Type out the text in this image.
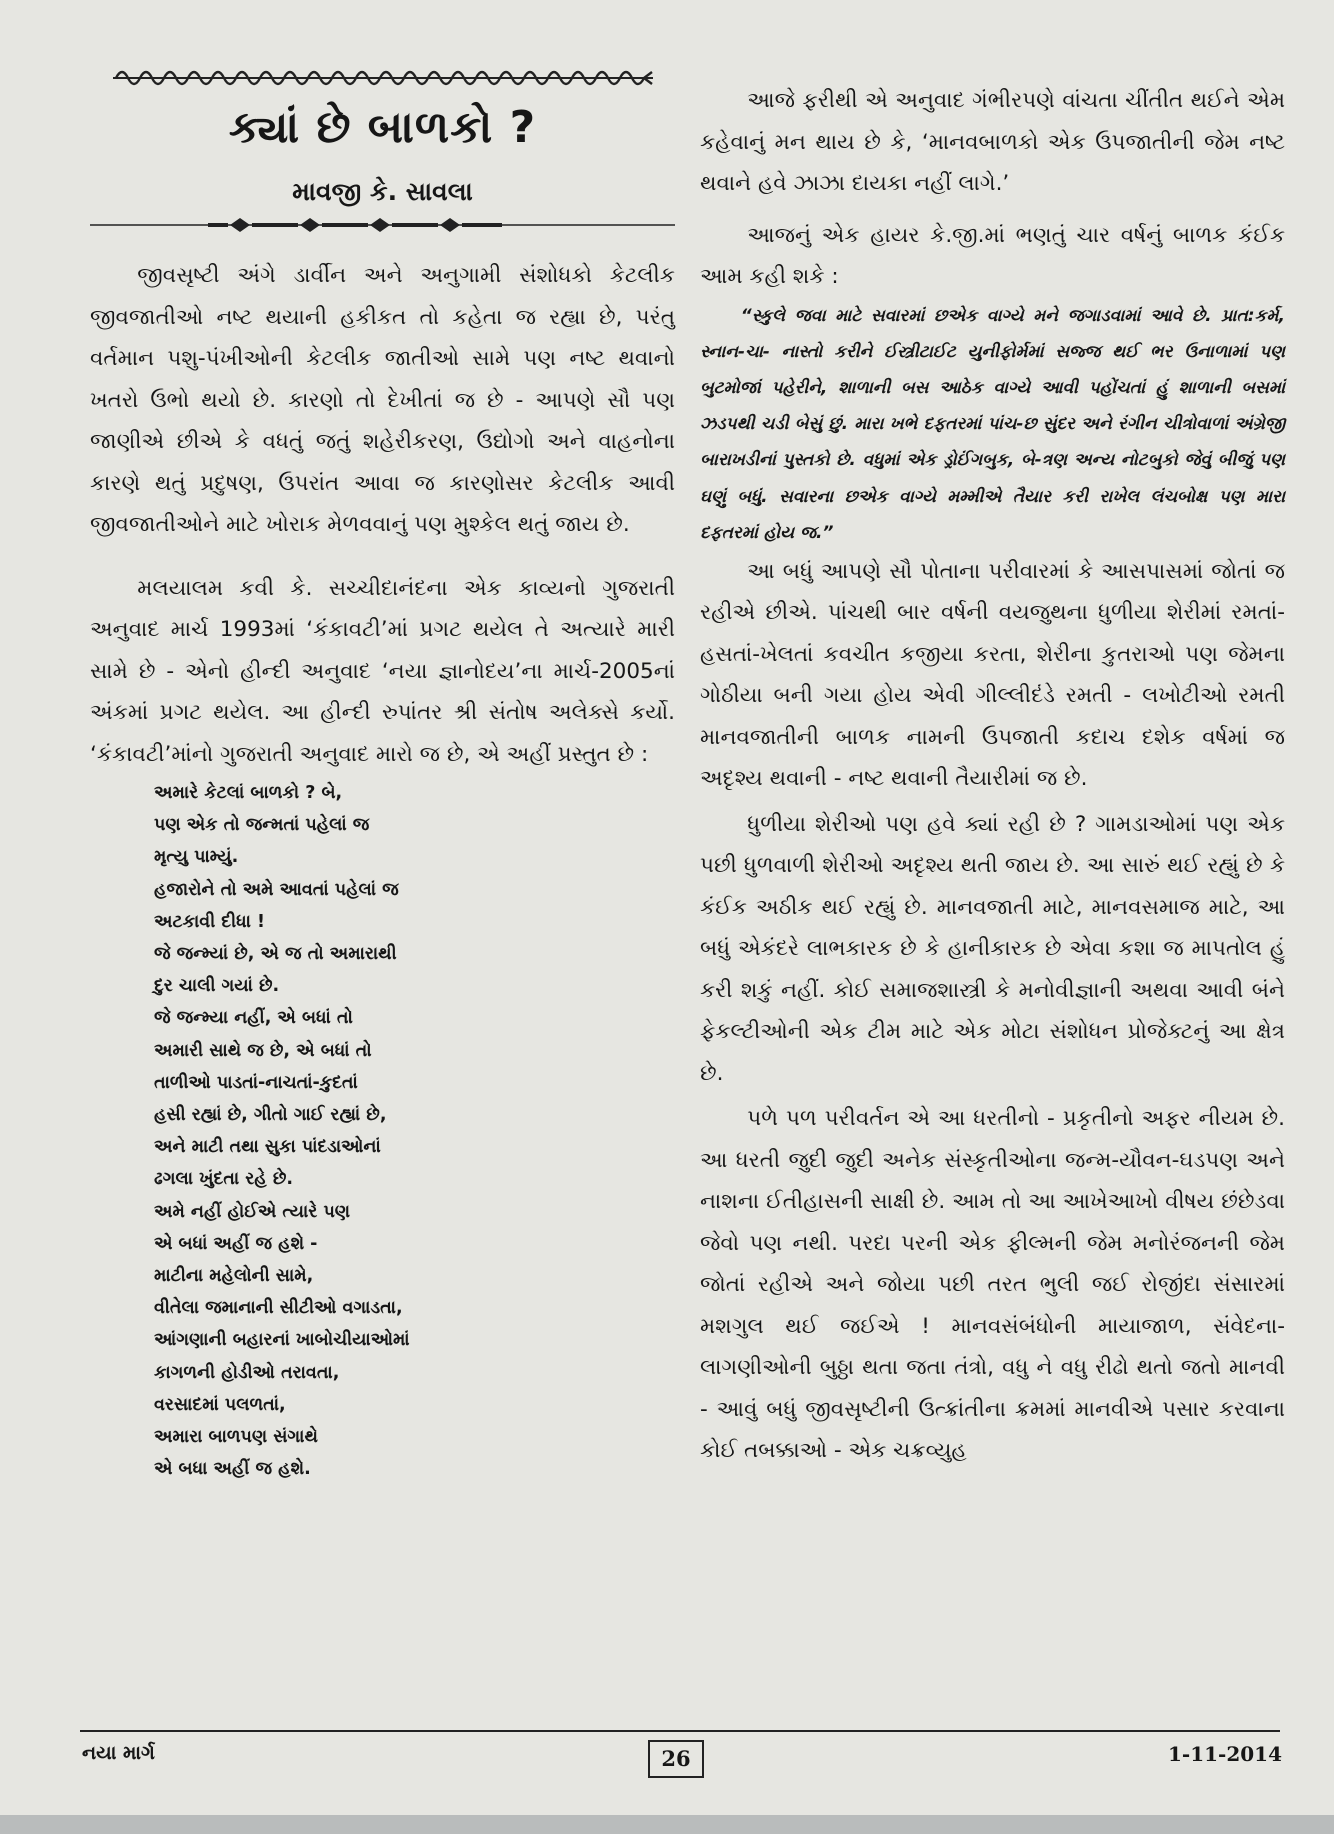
ક્યાં છે બાળકો ?
માવજી કે. સાવલા

જીવસૃષ્ટી અંગે ડાર્વીન અને અનુગામી સંશોધકો કેટલીક જીવજાતીઓ નષ્ટ થયાની હકીકત તો કહેતા જ રહ્યા છે, પરંતુ વર્તમાન પશુ-પંખીઓની કેટલીક જાતીઓ સામે પણ નષ્ટ થવાનો ખતરો ઉભો થયો છે. કારણો તો દેખીતાં જ છે - આપણે સૌ પણ જાણીએ છીએ કે વધતું જતું શહેરીકરણ, ઉદ્યોગો અને વાહનોના કારણે થતું પ્રદુષણ, ઉપરાંત આવા જ કારણોસર કેટલીક આવી જીવજાતીઓને માટે ખોરાક મેળવવાનું પણ મુશ્કેલ થતું જાય છે.

મલયાલમ કવી કે. સચ્ચીદાનંદના એક કાવ્યનો ગુજરાતી અનુવાદ માર્ચ 1993માં ‘કંકાવટી’માં પ્રગટ થયેલ તે અત્યારે મારી સામે છે - એનો હીન્દી અનુવાદ ‘નયા જ્ઞાનોદય’ના માર્ચ-2005નાં અંકમાં પ્રગટ થયેલ. આ હીન્દી રુપાંતર શ્રી સંતોષ અલેક્સે કર્યો. ‘કંકાવટી’માંનો ગુજરાતી અનુવાદ મારો જ છે, એ અહીં પ્રસ્તુત છે :

અમારે કેટલાં બાળકો ? બે,
પણ એક તો જન્મતાં પહેલાં જ
મૃત્યુ પામ્યું.
હજારોને તો અમે આવતાં પહેલાં જ
અટકાવી દીધા !
જે જન્મ્યાં છે, એ જ તો અમારાથી
દુર ચાલી ગયાં છે.
જે જન્મ્યા નહીં, એ બધાં તો
અમારી સાથે જ છે, એ બધાં તો
તાળીઓ પાડતાં-નાચતાં-કુદતાં
હસી રહ્યાં છે, ગીતો ગાઈ રહ્યાં છે,
અને માટી તથા સુકા પાંદડાઓનાં
ઢગલા ખુંદતા રહે છે.
અમે નહીં હોઈએ ત્યારે પણ
એ બધાં અહીં જ હશે -
માટીના મહેલોની સામે,
વીતેલા જમાનાની સીટીઓ વગાડતા,
આંગણાની બહારનાં ખાબોચીયાઓમાં
કાગળની હોડીઓ તરાવતા,
વરસાદમાં પલળતાં,
અમારા બાળપણ સંગાથે
એ બધા અહીં જ હશે.

આજે ફરીથી એ અનુવાદ ગંભીરપણે વાંચતા ચીંતીત થઈને એમ કહેવાનું મન થાય છે કે, ‘માનવબાળકો એક ઉપજાતીની જેમ નષ્ટ થવાને હવે ઝાઝા દાયકા નહીં લાગે.’

આજનું એક હાયર કે.જી.માં ભણતું ચાર વર્ષનું બાળક કંઈક આમ કહી શકે :

“સ્કુલે જવા માટે સવારમાં છએક વાગ્યે મને જગાડવામાં આવે છે. પ્રાત:કર્મ, સ્નાન-ચા- નાસ્તો કરીને ઈસ્ત્રીટાઈટ યુનીફોર્મમાં સજ્જ થઈ ભર ઉનાળામાં પણ બુટમોજાં પહેરીને, શાળાની બસ આઠેક વાગ્યે આવી પહોંચતાં હું શાળાની બસમાં ઝડપથી ચડી બેસું છું. મારા ખભે દફતરમાં પાંચ-છ સુંદર અને રંગીન ચીત્રોવાળાં અંગ્રેજી બારાખડીનાં પુસ્તકો છે. વધુમાં એક ડ્રોઈંગબુક, બે-ત્રણ અન્ય નોટબુકો જેવું બીજું પણ ઘણું બધું. સવારના છએક વાગ્યે મમ્મીએ તૈયાર કરી રાખેલ લંચબોક્ષ પણ મારા દફતરમાં હોય જ.”

આ બધું આપણે સૌ પોતાના પરીવારમાં કે આસપાસમાં જોતાં જ રહીએ છીએ. પાંચથી બાર વર્ષની વયજુથના ધુળીયા શેરીમાં રમતાં-હસતાં-ખેલતાં કવચીત કજીયા કરતા, શેરીના કુતરાઓ પણ જેમના ગોઠીયા બની ગયા હોય એવી ગીલ્લીદંડે રમતી - લખોટીઓ રમતી માનવજાતીની બાળક નામની ઉપજાતી કદાચ દશેક વર્ષમાં જ અદૃશ્ય થવાની - નષ્ટ થવાની તૈયારીમાં જ છે.

ધુળીયા શેરીઓ પણ હવે ક્યાં રહી છે ? ગામડાઓમાં પણ એક પછી ધુળવાળી શેરીઓ અદૃશ્ય થતી જાય છે. આ સારું થઈ રહ્યું છે કે કંઈક અઠીક થઈ રહ્યું છે. માનવજાતી માટે, માનવસમાજ માટે, આ બધું એકંદરે લાભકારક છે કે હાનીકારક છે એવા કશા જ માપતોલ હું કરી શકું નહીં. કોઈ સમાજશાસ્ત્રી કે મનોવીજ્ઞાની અથવા આવી બંને ફેકલ્ટીઓની એક ટીમ માટે એક મોટા સંશોધન પ્રોજેક્ટનું આ ક્ષેત્ર છે.

પળે પળ પરીવર્તન એ આ ધરતીનો - પ્રકૃતીનો અફર નીયમ છે. આ ધરતી જુદી જુદી અનેક સંસ્કૃતીઓના જન્મ-યૌવન-ઘડપણ અને નાશના ઈતીહાસની સાક્ષી છે. આમ તો આ આખેઆખો વીષય છંછેડવા જેવો પણ નથી. પરદા પરની એક ફીલ્મની જેમ મનોરંજનની જેમ જોતાં રહીએ અને જોયા પછી તરત ભુલી જઈ રોજીંદા સંસારમાં મશગુલ થઈ જઈએ ! માનવસંબંધોની માયાજાળ, સંવેદના-લાગણીઓની બુઠ્ઠા થતા જતા તંત્રો, વધુ ને વધુ રીઢો થતો જતો માનવી - આવું બધું જીવસૃષ્ટીની ઉત્ક્રાંતીના ક્રમમાં માનવીએ પસાર કરવાના કોઈ તબક્કાઓ - એક ચક્રવ્યુહ

નયા માર્ગ	26	1-11-2014
